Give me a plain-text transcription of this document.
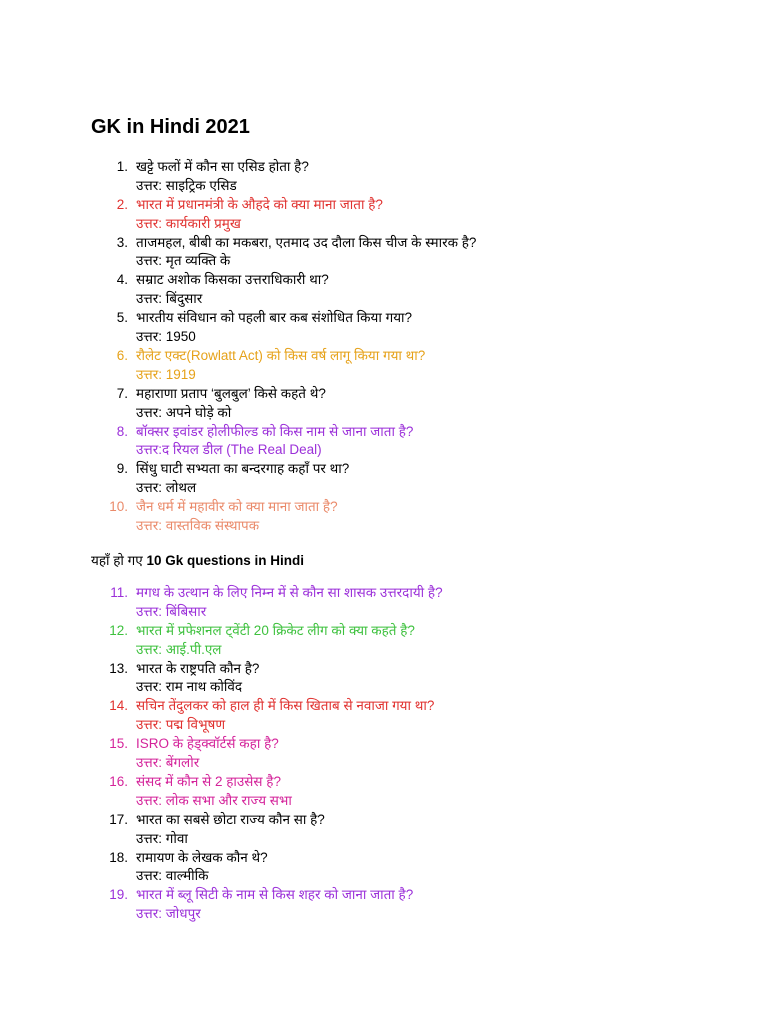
GK in Hindi 2021
1. खट्टे फलों में कौन सा एसिड होता है?
उत्तर: साइट्रिक एसिड
2. भारत में प्रधानमंत्री के औहदे को क्या माना जाता है?
उत्तर: कार्यकारी प्रमुख
3. ताजमहल, बीबी का मकबरा, एतमाद उद दौला किस चीज के स्मारक है?
उत्तर: मृत व्यक्ति के
4. सम्राट अशोक किसका उत्तराधिकारी था?
उत्तर: बिंदुसार
5. भारतीय संविधान को पहली बार कब संशोधित किया गया?
उत्तर: 1950
6. रौलेट एक्ट(Rowlatt Act) को किस वर्ष लागू किया गया था?
उत्तर: 1919
7. महाराणा प्रताप ‘बुलबुल’ किसे कहते थे?
उत्तर: अपने घोड़े को
8. बॉक्सर इवांडर होलीफील्ड को किस नाम से जाना जाता है?
उत्तर:द रियल डील (The Real Deal)
9. सिंधु घाटी सभ्यता का बन्दरगाह कहाँ पर था?
उत्तर: लोथल
10. जैन धर्म में महावीर को क्या माना जाता है?
उत्तर: वास्तविक संस्थापक
यहाँ हो गए 10 Gk questions in Hindi
11. मगध के उत्थान के लिए निम्न में से कौन सा शासक उत्तरदायी है?
उत्तर: बिंबिसार
12. भारत में प्रफेशनल ट्वेंटी 20 क्रिकेट लीग को क्या कहते है?
उत्तर: आई.पी.एल
13. भारत के राष्ट्रपति कौन है?
उत्तर: राम नाथ कोविंद
14. सचिन तेंदुलकर को हाल ही में किस खिताब से नवाजा गया था?
उत्तर: पद्म विभूषण
15. ISRO के हेड्क्वॉर्टर्स कहा है?
उत्तर: बेंगलोर
16. संसद में कौन से 2 हाउसेस है?
उत्तर: लोक सभा और राज्य सभा
17. भारत का सबसे छोटा राज्य कौन सा है?
उत्तर: गोवा
18. रामायण के लेखक कौन थे?
उत्तर: वाल्मीकि
19. भारत में ब्लू सिटी के नाम से किस शहर को जाना जाता है?
उत्तर: जोधपुर
